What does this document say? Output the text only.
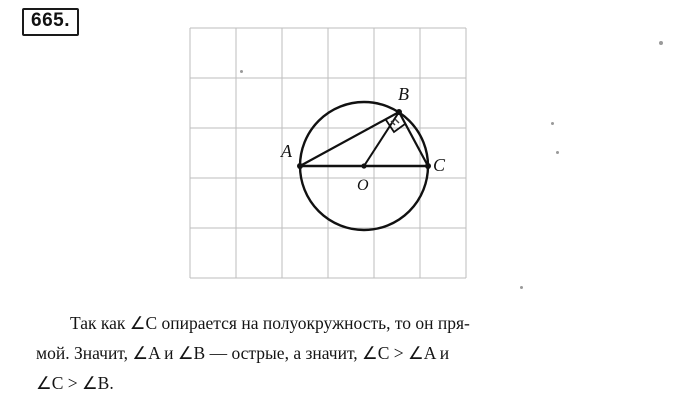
665.
A
B
C
O
Так как ∠C опирается на полуокружность, то он пря-
мой. Значит, ∠A и ∠B — острые, а значит, ∠C > ∠A и
∠C > ∠B.
